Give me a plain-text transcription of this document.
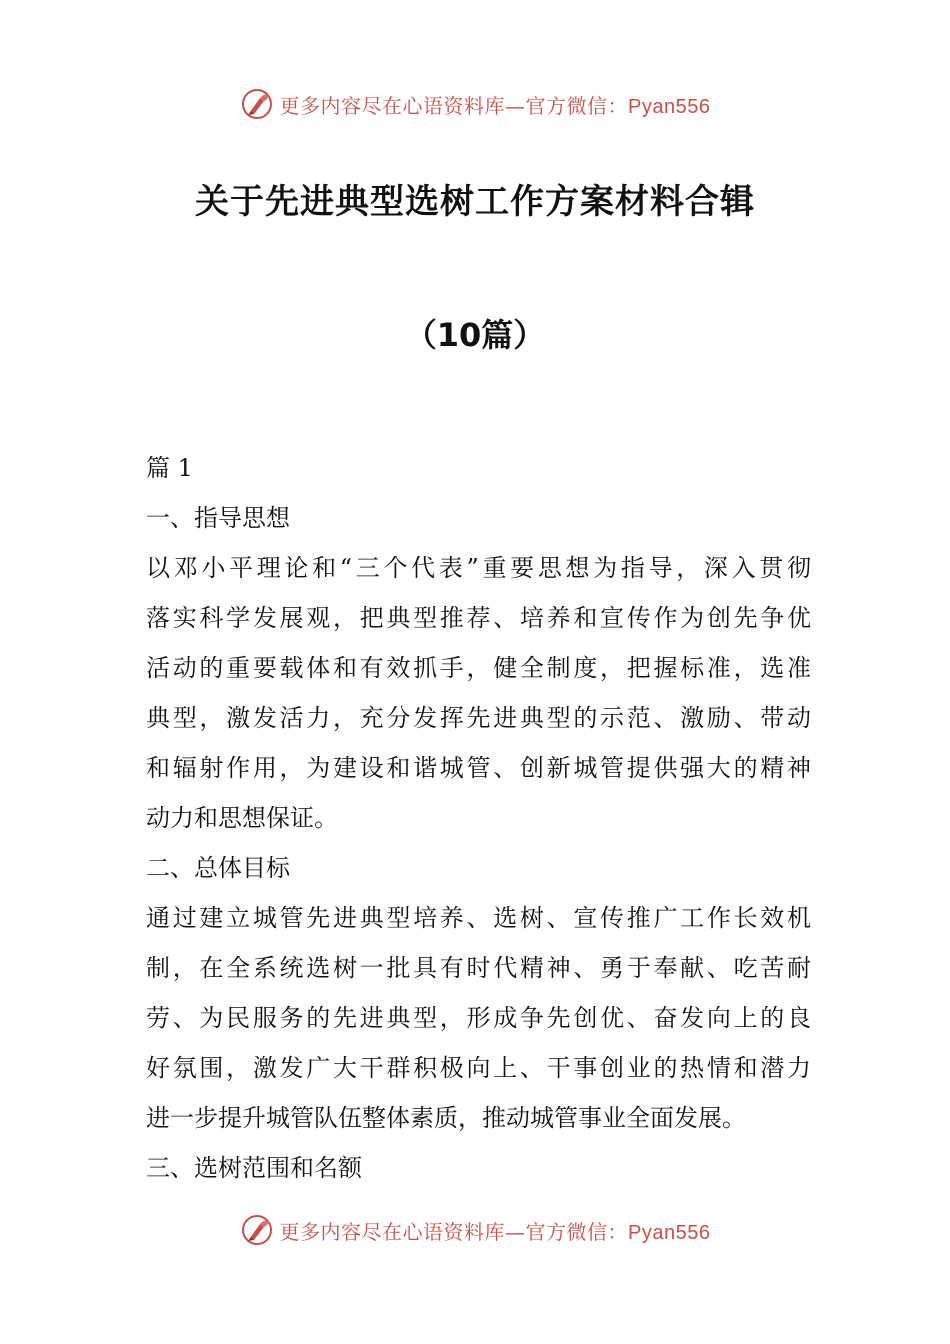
更多内容尽在心语资料库—官方微信：Pyan556
关于先进典型选树工作方案材料合辑
（10篇）
篇 1
一、指导思想
以邓小平理论和“三个代表”重要思想为指导，深入贯彻
落实科学发展观，把典型推荐、培养和宣传作为创先争优
活动的重要载体和有效抓手，健全制度，把握标准，选准
典型，激发活力，充分发挥先进典型的示范、激励、带动
和辐射作用，为建设和谐城管、创新城管提供强大的精神
动力和思想保证。
二、总体目标
通过建立城管先进典型培养、选树、宣传推广工作长效机
制，在全系统选树一批具有时代精神、勇于奉献、吃苦耐
劳、为民服务的先进典型，形成争先创优、奋发向上的良
好氛围，激发广大干群积极向上、干事创业的热情和潜力
进一步提升城管队伍整体素质，推动城管事业全面发展。
三、选树范围和名额
更多内容尽在心语资料库—官方微信：Pyan556
